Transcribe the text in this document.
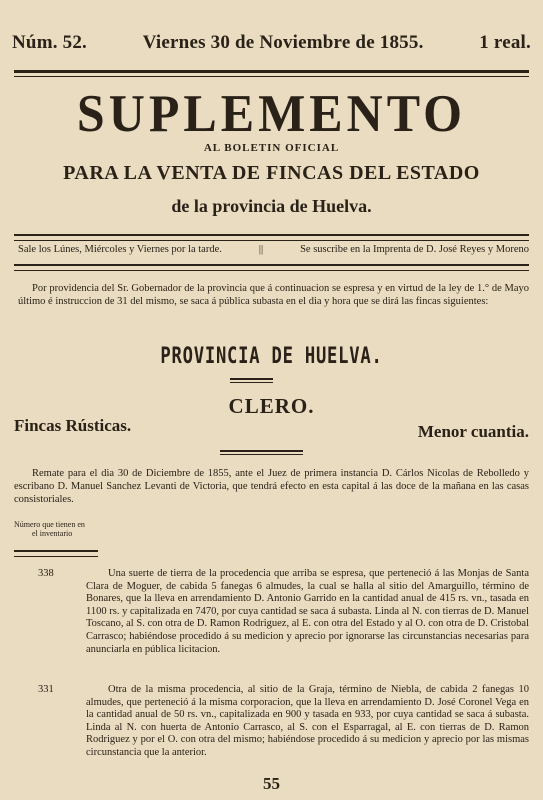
Núm. 52.	Viernes 30 de Noviembre de 1855.	1 real.
SUPLEMENTO
AL BOLETIN OFICIAL
PARA LA VENTA DE FINCAS DEL ESTADO
de la provincia de Huelva.
Sale los Lúnes, Miércoles y Viernes por la tarde.	||	Se suscribe en la Imprenta de D. José Reyes y Moreno
Por providencia del Sr. Gobernador de la provincia que á continuacion se espresa y en virtud de la ley de 1.° de Mayo último é instruccion de 31 del mismo, se saca á pública subasta en el dia y hora que se dirá las fincas siguientes:
PROVINCIA DE HUELVA.
CLERO.
Fincas Rústicas.	Menor cuantia.
Remate para el dia 30 de Diciembre de 1855, ante el Juez de primera instancia D. Cárlos Nicolas de Rebolledo y escribano D. Manuel Sanchez Levanti de Victoria, que tendrá efecto en esta capital á las doce de la mañana en las casas consistoriales.
Número que tienen en
el inventario
338	Una suerte de tierra de la procedencia que arriba se espresa, que perteneció á las Monjas de Santa Clara de Moguer, de cabida 5 fanegas 6 almudes, la cual se halla al sitio del Amarguillo, término de Bonares, que la lleva en arrendamiento D. Antonio Garrido en la cantidad anual de 415 rs. vn., tasada en 1100 rs. y capitalizada en 7470, por cuya cantidad se saca á subasta. Linda al N. con tierras de D. Manuel Toscano, al S. con otra de D. Ramon Rodriguez, al E. con otra del Estado y al O. con otra de D. Cristobal Carrasco; habiéndose procedido á su medicion y aprecio por ignorarse las circunstancias necesarias para anunciarla en pública licitacion.
331	Otra de la misma procedencia, al sitio de la Graja, término de Niebla, de cabida 2 fanegas 10 almudes, que perteneció á la misma corporacion, que la lleva en arrendamiento D. José Coronel Vega en la cantidad anual de 50 rs. vn., capitalizada en 900 y tasada en 933, por cuya cantidad se saca á subasta. Linda al N. con huerta de Antonio Carrasco, al S. con el Esparragal, al E. con tierras de D. Ramon Rodriguez y por el O. con otra del mismo; habiéndose procedido á su medicion y aprecio por las mismas circunstancia que la anterior.
55
